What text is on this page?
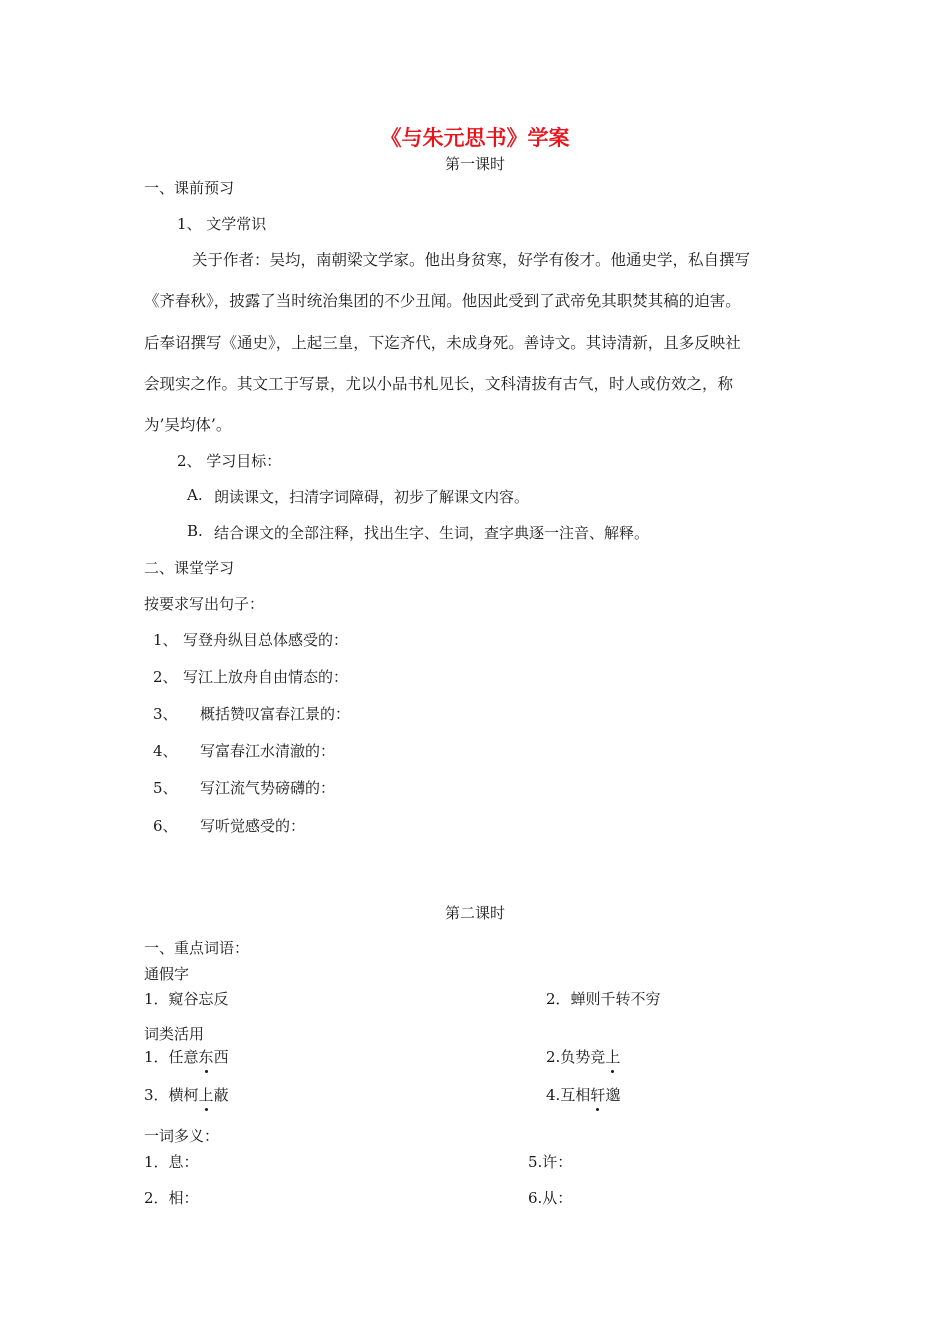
《与朱元思书》学案
第一课时
一、课前预习
1、 文学常识
关于作者：吴均，南朝梁文学家。他出身贫寒，好学有俊才。他通史学，私自撰写
《齐春秋》，披露了当时统治集团的不少丑闻。他因此受到了武帝免其职焚其稿的迫害。
后奉诏撰写《通史》，上起三皇，下迄齐代，未成身死。善诗文。其诗清新，且多反映社
会现实之作。其文工于写景，尤以小品书札见长，文科清拔有古气，时人或仿效之，称
为’吴均体’。
2、 学习目标：
A. 朗读课文，扫清字词障碍，初步了解课文内容。
B. 结合课文的全部注释，找出生字、生词，查字典逐一注音、解释。
二、课堂学习
按要求写出句子：
1、 写登舟纵目总体感受的：
2、 写江上放舟自由情态的：
3、 概括赞叹富春江景的：
4、 写富春江水清澈的：
5、 写江流气势磅礴的：
6、 写听觉感受的：
第二课时
一、重点词语：
通假字
1．窥谷忘反	2．蝉则千转不穷
词类活用
1．任意东西	2.负势竞上
3．横柯上蔽	4.互相轩邈
一词多义：
1．息：	5.许：
2．相：	6.从：
